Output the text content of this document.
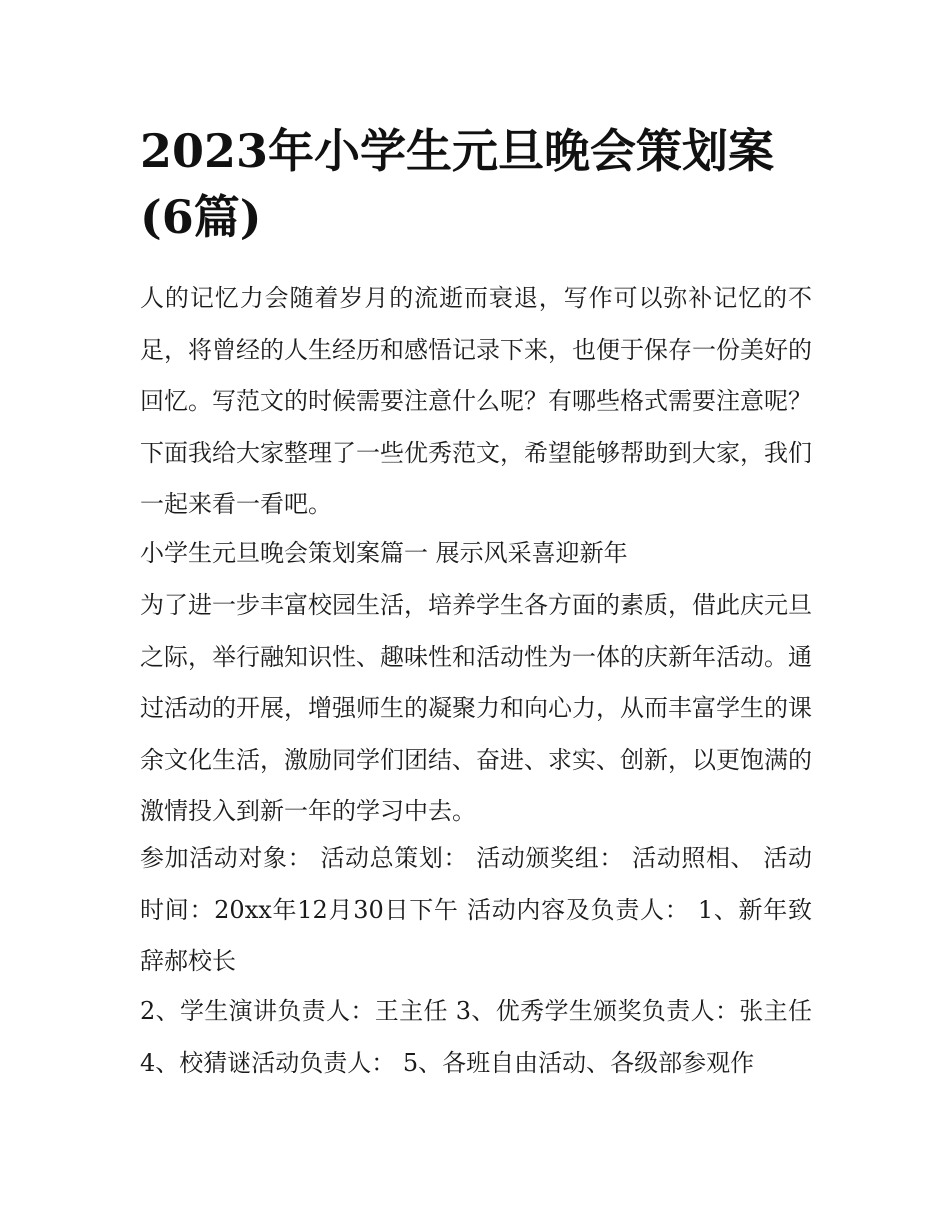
2023年小学生元旦晚会策划案
(6篇)

人的记忆力会随着岁月的流逝而衰退，写作可以弥补记忆的不足，将曾经的人生经历和感悟记录下来，也便于保存一份美好的回忆。写范文的时候需要注意什么呢？有哪些格式需要注意呢？下面我给大家整理了一些优秀范文，希望能够帮助到大家，我们一起来看一看吧。

小学生元旦晚会策划案篇一 展示风采喜迎新年

为了进一步丰富校园生活，培养学生各方面的素质，借此庆元旦之际，举行融知识性、趣味性和活动性为一体的庆新年活动。通过活动的开展，增强师生的凝聚力和向心力，从而丰富学生的课余文化生活，激励同学们团结、奋进、求实、创新，以更饱满的激情投入到新一年的学习中去。

参加活动对象： 活动总策划： 活动颁奖组： 活动照相、 活动时间：20xx年12月30日下午 活动内容及负责人： 1、新年致辞郝校长

2、学生演讲负责人：王主任 3、优秀学生颁奖负责人：张主任 4、校猜谜活动负责人： 5、各班自由活动、各级部参观作
